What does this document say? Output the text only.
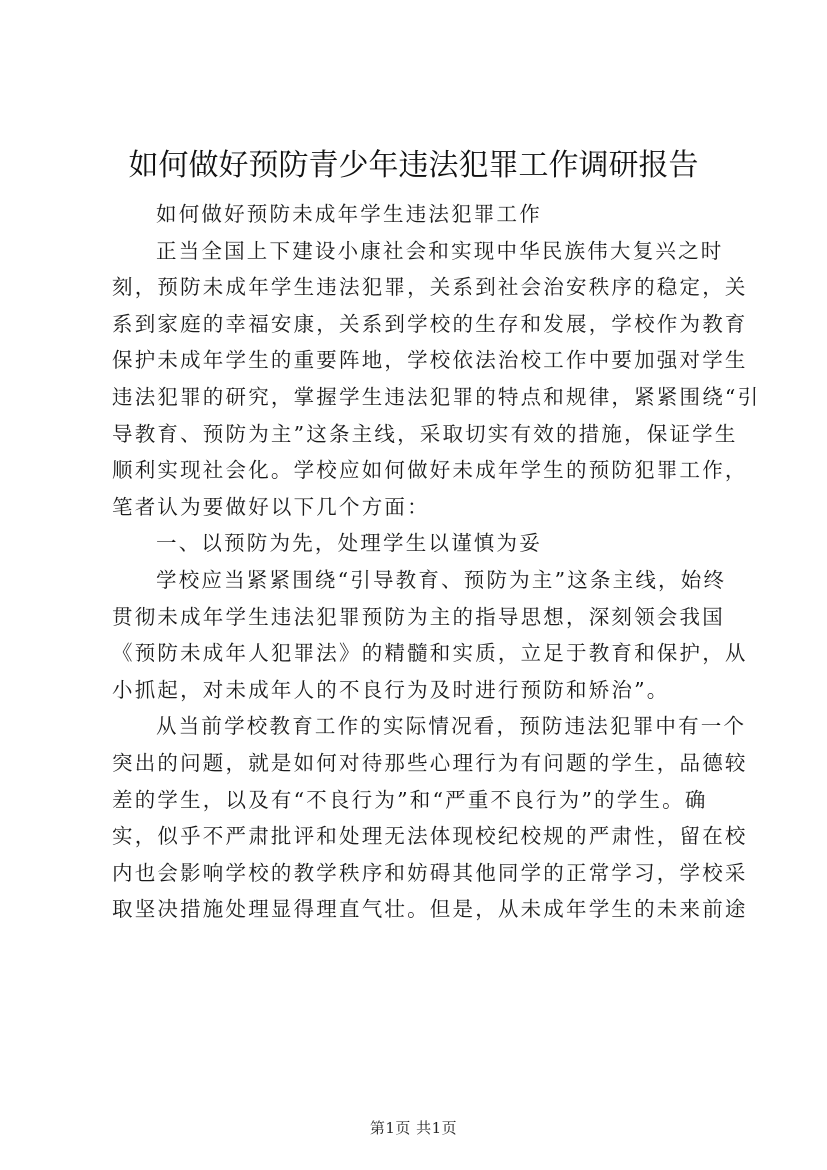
如何做好预防青少年违法犯罪工作调研报告
如何做好预防未成年学生违法犯罪工作
正当全国上下建设小康社会和实现中华民族伟大复兴之时
刻，预防未成年学生违法犯罪，关系到社会治安秩序的稳定，关
系到家庭的幸福安康，关系到学校的生存和发展，学校作为教育
保护未成年学生的重要阵地，学校依法治校工作中要加强对学生
违法犯罪的研究，掌握学生违法犯罪的特点和规律，紧紧围绕“引
导教育、预防为主”这条主线，采取切实有效的措施，保证学生
顺利实现社会化。学校应如何做好未成年学生的预防犯罪工作，
笔者认为要做好以下几个方面：
一、以预防为先，处理学生以谨慎为妥
学校应当紧紧围绕“引导教育、预防为主”这条主线，始终
贯彻未成年学生违法犯罪预防为主的指导思想，深刻领会我国
《预防未成年人犯罪法》的精髓和实质，立足于教育和保护，从
小抓起，对未成年人的不良行为及时进行预防和矫治”。
从当前学校教育工作的实际情况看，预防违法犯罪中有一个
突出的问题，就是如何对待那些心理行为有问题的学生，品德较
差的学生，以及有“不良行为”和“严重不良行为”的学生。确
实，似乎不严肃批评和处理无法体现校纪校规的严肃性，留在校
内也会影响学校的教学秩序和妨碍其他同学的正常学习，学校采
取坚决措施处理显得理直气壮。但是，从未成年学生的未来前途
第1页 共1页
